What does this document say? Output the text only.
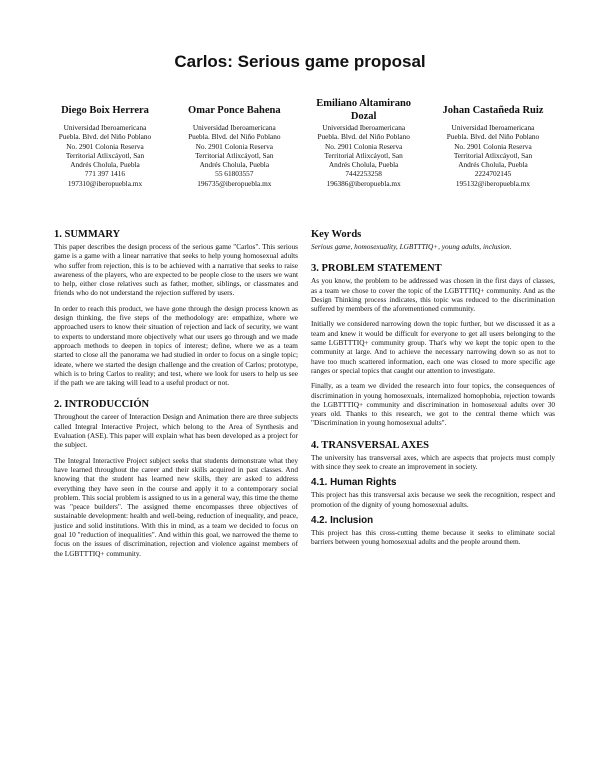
Carlos: Serious game proposal
Diego Boix Herrera
Universidad Iberoamericana
Puebla. Blvd. del Niño Poblano
No. 2901 Colonia Reserva
Territorial Atlixcáyotl, San
Andrés Cholula, Puebla
771 397 1416
197310@iberopuebla.mx
Omar Ponce Bahena
Universidad Iberoamericana
Puebla. Blvd. del Niño Poblano
No. 2901 Colonia Reserva
Territorial Atlixcáyotl, San
Andrés Cholula, Puebla
55 61803557
196735@iberopuebla.mx
Emiliano Altamirano Dozal
Universidad Iberoamericana
Puebla. Blvd. del Niño Poblano
No. 2901 Colonia Reserva
Territorial Atlixcáyotl, San
Andrés Cholula, Puebla
7442253258
196386@iberopuebla.mx
Johan Castañeda Ruiz
Universidad Iberoamericana
Puebla. Blvd. del Niño Poblano
No. 2901 Colonia Reserva
Territorial Atlixcáyotl, San
Andrés Cholula, Puebla
2224702145
195132@iberopuebla.mx
1. SUMMARY

This paper describes the design process of the serious game "Carlos". This serious game is a game with a linear narrative that seeks to help young homosexual adults who suffer from rejection, this is to be achieved with a narrative that seeks to raise awareness of the players, who are expected to be people close to the users we want to help, either close relatives such as father, mother, siblings, or classmates and friends who do not understand the rejection suffered by users.

In order to reach this product, we have gone through the design process known as design thinking, the five steps of the methodology are: empathize, where we approached users to know their situation of rejection and lack of security, we want to experts to understand more objectively what our users go through and we made approach methods to deepen in topics of interest; define, where we as a team started to close all the panorama we had studied in order to focus on a single topic; ideate, where we started the design challenge and the creation of Carlos; prototype, which is to bring Carlos to reality; and test, where we look for users to help us see if the path we are taking will lead to a useful product or not.

2. INTRODUCCIÓN

Throughout the career of Interaction Design and Animation there are three subjects called Integral Interactive Project, which belong to the Area of Synthesis and Evaluation (ASE). This paper will explain what has been developed as a project for the subject.

The Integral Interactive Project subject seeks that students demonstrate what they have learned throughout the career and their skills acquired in past classes. And knowing that the student has learned new skills, they are asked to address everything they have seen in the course and apply it to a contemporary social problem. This social problem is assigned to us in a general way, this time the theme was "peace builders". The assigned theme encompasses three objectives of sustainable development: health and well-being, reduction of inequality, and peace, justice and solid institutions. With this in mind, as a team we decided to focus on goal 10 "reduction of inequalities". And within this goal, we narrowed the theme to focus on the issues of discrimination, rejection and violence against members of the LGBTTTIQ+ community.

Key Words

Serious game, homosexuality, LGBTTTIQ+, young adults, inclusion.

3. PROBLEM STATEMENT

As you know, the problem to be addressed was chosen in the first days of classes, as a team we chose to cover the topic of the LGBTTTIQ+ community. And as the Design Thinking process indicates, this topic was reduced to the discrimination suffered by members of the aforementioned community.

Initially we considered narrowing down the topic further, but we discussed it as a team and knew it would be difficult for everyone to get all users belonging to the same LGBTTTIQ+ community group. That's why we kept the topic open to the community at large. And to achieve the necessary narrowing down so as not to have too much scattered information, each one was closed to more specific age ranges or special topics that caught our attention to investigate.

Finally, as a team we divided the research into four topics, the consequences of discrimination in young homosexuals, internalized homophobia, rejection towards the LGBTTTIQ+ community and discrimination in homosexual adults over 30 years old. Thanks to this research, we got to the central theme which was "Discrimination in young homosexual adults".

4. TRANSVERSAL AXES

The university has transversal axes, which are aspects that projects must comply with since they seek to create an improvement in society.

4.1. Human Rights

This project has this transversal axis because we seek the recognition, respect and promotion of the dignity of young homosexual adults.

4.2. Inclusion

This project has this cross-cutting theme because it seeks to eliminate social barriers between young homosexual adults and the people around them.
